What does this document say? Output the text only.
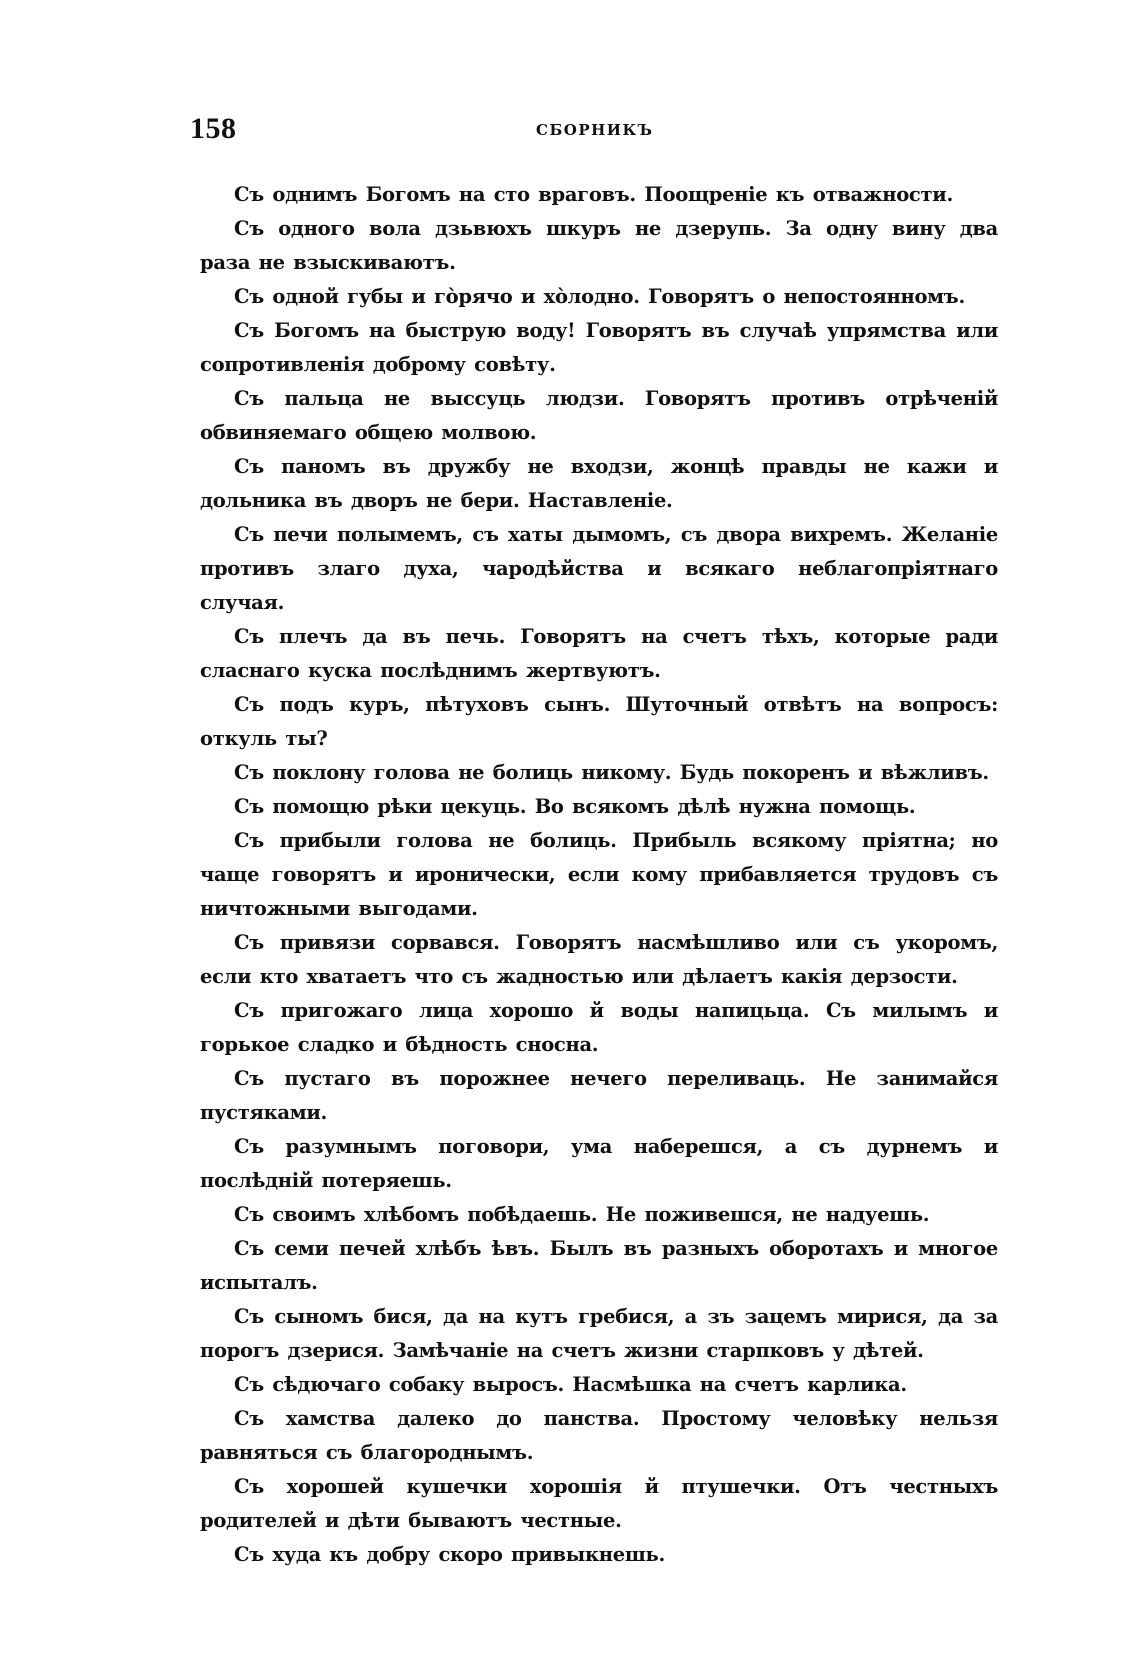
158	СБОРНИКЪ

Съ однимъ Богомъ на сто враговъ. Поощреніе къ отважности.

Съ одного вола дзьвюхъ шкуръ не дзерупь. За одну вину два раза не взыскиваютъ.

Съ одной губы и го̀рячо и хо̀лодно. Говорятъ о непостоянномъ.

Съ Богомъ на быструю воду! Говорятъ въ случаѣ упрямства или сопротивленія доброму совѣту.

Съ пальца не выссуць людзи. Говорятъ противъ отрѣченій обвиняемаго общею молвою.

Съ паномъ въ дружбу не входзи, жонцѣ правды не кажи и дольника въ дворъ не бери. Наставленіе.

Съ печи полымемъ, съ хаты дымомъ, съ двора вихремъ. Желаніе противъ злаго духа, чародѣйства и всякаго неблагопріятнаго случая.

Съ плечъ да въ печь. Говорятъ на счетъ тѣхъ, которые ради сласнаго куска послѣднимъ жертвуютъ.

Съ подъ куръ, пѣтуховъ сынъ. Шуточный отвѣтъ на вопросъ: откуль ты?

Съ поклону голова не болиць никому. Будь покоренъ и вѣжливъ.

Съ помощю рѣки цекуць. Во всякомъ дѣлѣ нужна помощь.

Съ прибыли голова не болиць. Прибыль всякому пріятна; но чаще говорятъ и иронически, если кому прибавляется трудовъ съ ничтожными выгодами.

Съ привязи сорвався. Говорятъ насмѣшливо или съ укоромъ, если кто хватаетъ что съ жадностью или дѣлаетъ какія дерзости.

Съ пригожаго лица хорошо й воды напицьца. Съ милымъ и горькое сладко и бѣдность сносна.

Съ пустаго въ порожнее нечего переливаць. Не занимайся пустяками.

Съ разумнымъ поговори, ума наберешся, а съ дурнемъ и послѣдній потеряешь.

Съ своимъ хлѣбомъ побѣдаешь. Не поживешся, не надуешь.

Съ семи печей хлѣбъ ѣвъ. Былъ въ разныхъ оборотахъ и многое испыталъ.

Съ сыномъ бися, да на кутъ гребися, а зъ зацемъ мирися, да за порогъ дзерися. Замѣчаніе на счетъ жизни старпковъ у дѣтей.

Съ сѣдючаго собаку выросъ. Насмѣшка на счетъ карлика.

Съ хамства далеко до панства. Простому человѣку нельзя равняться съ благороднымъ.

Съ хорошей кушечки хорошія й птушечки. Отъ честныхъ родителей и дѣти бываютъ честные.

Съ худа къ добру скоро привыкнешь.
